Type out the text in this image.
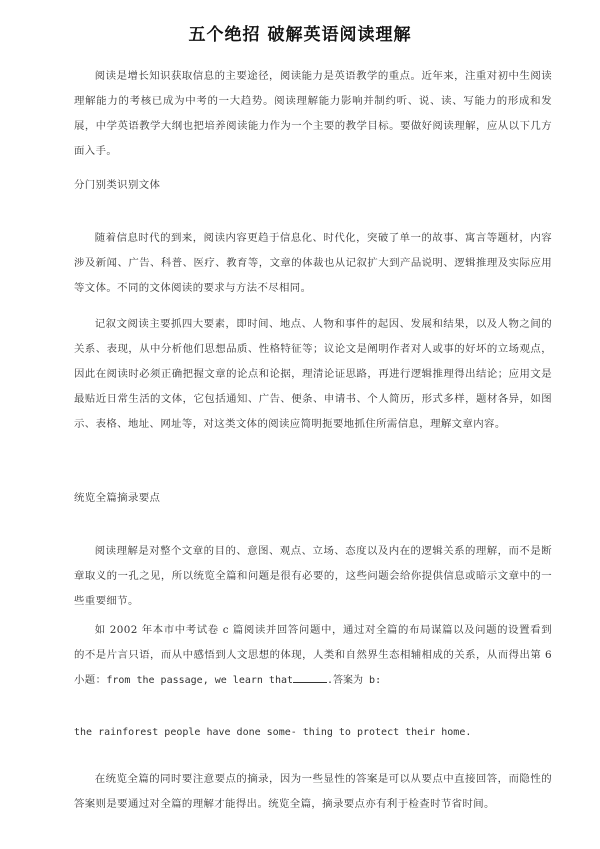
五个绝招 破解英语阅读理解

阅读是增长知识获取信息的主要途径，阅读能力是英语教学的重点。近年来，注重对初中生阅读理解能力的考核已成为中考的一大趋势。阅读理解能力影响并制约听、说、读、写能力的形成和发展，中学英语教学大纲也把培养阅读能力作为一个主要的教学目标。要做好阅读理解，应从以下几方面入手。

分门别类识别文体

随着信息时代的到来，阅读内容更趋于信息化、时代化，突破了单一的故事、寓言等题材，内容涉及新闻、广告、科普、医疗、教育等，文章的体裁也从记叙扩大到产品说明、逻辑推理及实际应用等文体。不同的文体阅读的要求与方法不尽相同。

记叙文阅读主要抓四大要素，即时间、地点、人物和事件的起因、发展和结果，以及人物之间的关系、表现，从中分析他们思想品质、性格特征等；议论文是阐明作者对人或事的好坏的立场观点，因此在阅读时必须正确把握文章的论点和论据，理清论证思路，再进行逻辑推理得出结论；应用文是最贴近日常生活的文体，它包括通知、广告、便条、申请书、个人简历，形式多样，题材各异，如图示、表格、地址、网址等，对这类文体的阅读应简明扼要地抓住所需信息，理解文章内容。

统览全篇摘录要点

阅读理解是对整个文章的目的、意图、观点、立场、态度以及内在的逻辑关系的理解，而不是断章取义的一孔之见，所以统览全篇和问题是很有必要的，这些问题会给你提供信息或暗示文章中的一些重要细节。

如 2002 年本市中考试卷 c 篇阅读并回答问题中，通过对全篇的布局谋篇以及问题的设置看到的不是片言只语，而从中感悟到人文思想的体现，人类和自然界生态相辅相成的关系，从而得出第 6 小题：from the passage, we learn that	.答案为 b:

the rainforest people have done some- thing to protect their home.

在统览全篇的同时要注意要点的摘录，因为一些显性的答案是可以从要点中直接回答，而隐性的答案则是要通过对全篇的理解才能得出。统览全篇，摘录要点亦有利于检查时节省时间。
